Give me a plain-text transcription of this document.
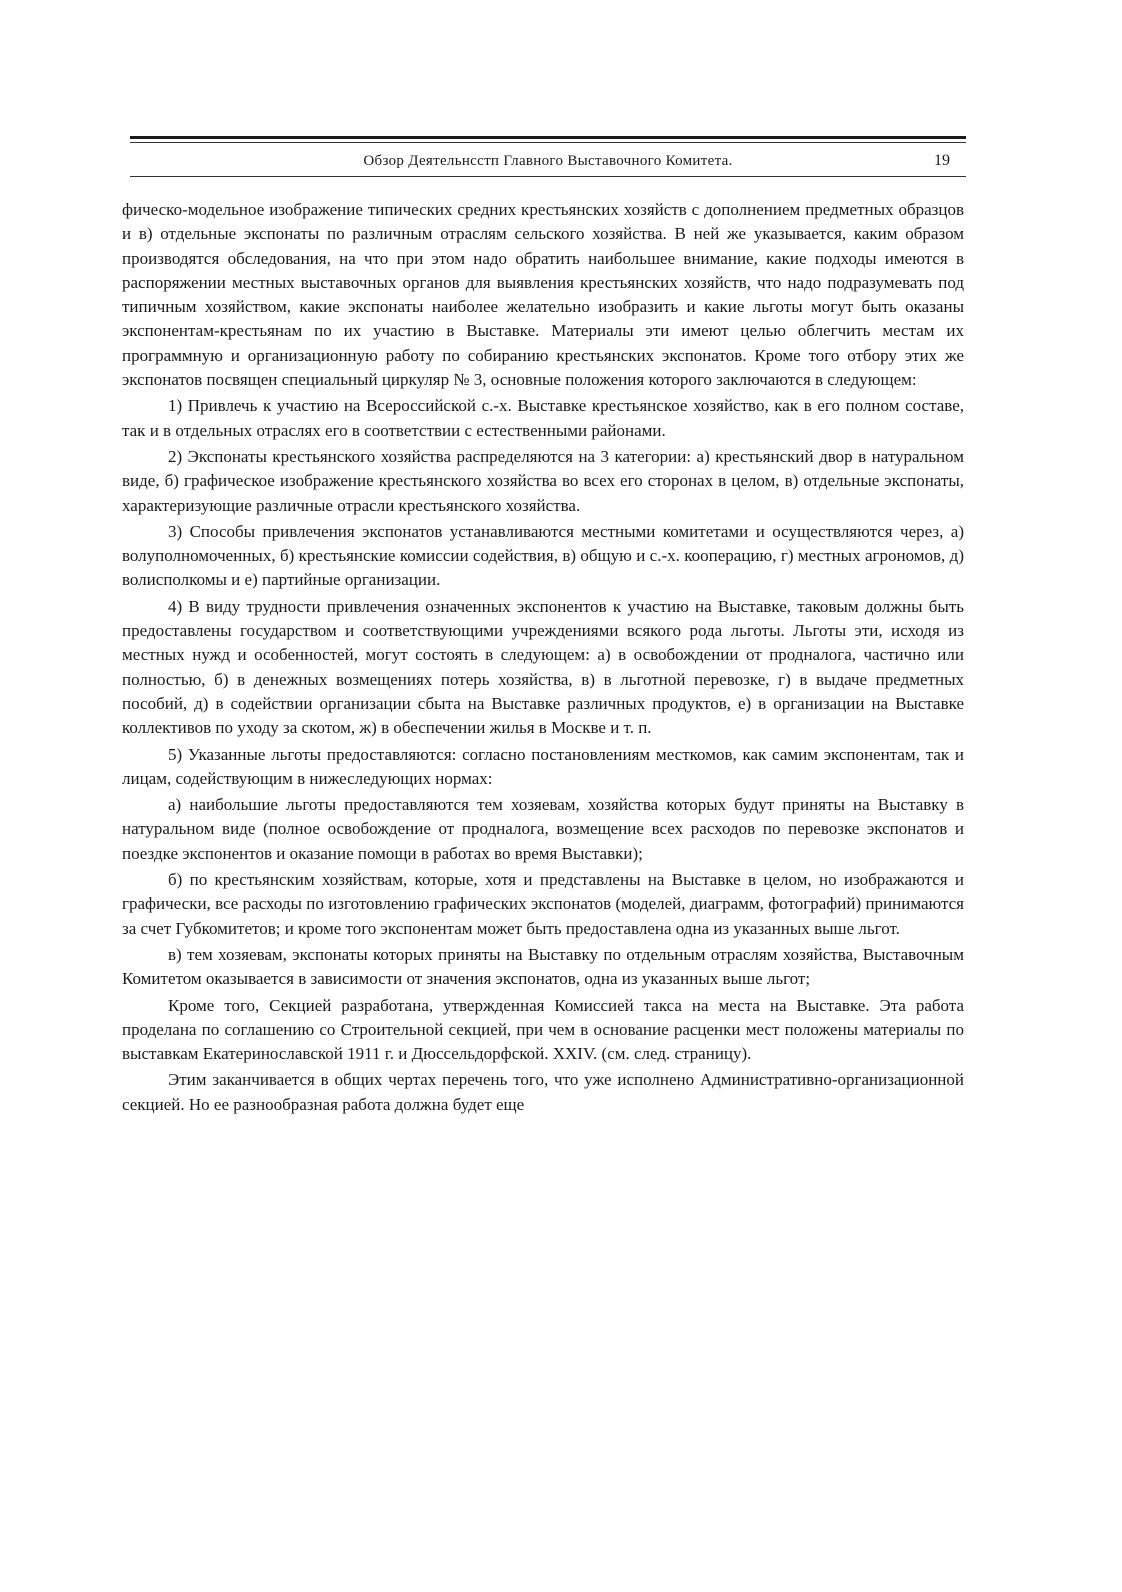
Обзор Деятельнсстп Главного Выставочного Комитета.	19

фическо-модельное изображение типических средних крестьянских хозяйств с дополнением предметных образцов и в) отдельные экспонаты по различным отраслям сельского хозяйства. В ней же указывается, каким образом производятся обследования, на что при этом надо обратить наибольшее внимание, какие подходы имеются в распоряжении местных выставочных органов для выявления крестьянских хозяйств, что надо подразумевать под типичным хозяйством, какие экспонаты наиболее желательно изобразить и какие льготы могут быть оказаны экспонентам-крестьянам по их участию в Выставке. Материалы эти имеют целью облегчить местам их программную и организационную работу по собиранию крестьянских экспонатов. Кроме того отбору этих же экспонатов посвящен специальный циркуляр № 3, основные положения которого заключаются в следующем:

1) Привлечь к участию на Всероссийской с.-х. Выставке крестьянское хозяйство, как в его полном составе, так и в отдельных отраслях его в соответствии с естественными районами.

2) Экспонаты крестьянского хозяйства распределяются на 3 категории: а) крестьянский двор в натуральном виде, б) графическое изображение крестьянского хозяйства во всех его сторонах в целом, в) отдельные экспонаты, характеризующие различные отрасли крестьянского хозяйства.

3) Способы привлечения экспонатов устанавливаются местными комитетами и осуществляются через, а) волуполномоченных, б) крестьянские комиссии содействия, в) общую и с.-х. кооперацию, г) местных агрономов, д) волисполкомы и е) партийные организации.

4) В виду трудности привлечения означенных экспонентов к участию на Выставке, таковым должны быть предоставлены государством и соответствующими учреждениями всякого рода льготы. Льготы эти, исходя из местных нужд и особенностей, могут состоять в следующем: а) в освобождении от продналога, частично или полностью, б) в денежных возмещениях потерь хозяйства, в) в льготной перевозке, г) в выдаче предметных пособий, д) в содействии организации сбыта на Выставке различных продуктов, е) в организации на Выставке коллективов по уходу за скотом, ж) в обеспечении жилья в Москве и т. п.

5) Указанные льготы предоставляются: согласно постановлениям месткомов, как самим экспонентам, так и лицам, содействующим в нижеследующих нормах:

а) наибольшие льготы предоставляются тем хозяевам, хозяйства которых будут приняты на Выставку в натуральном виде (полное освобождение от продналога, возмещение всех расходов по перевозке экспонатов и поездке экспонентов и оказание помощи в работах во время Выставки);

б) по крестьянским хозяйствам, которые, хотя и представлены на Выставке в целом, но изображаются и графически, все расходы по изготовлению графических экспонатов (моделей, диаграмм, фотографий) принимаются за счет Губкомитетов; и кроме того экспонентам может быть предоставлена одна из указанных выше льгот.

в) тем хозяевам, экспонаты которых приняты на Выставку по отдельным отраслям хозяйства, Выставочным Комитетом оказывается в зависимости от значения экспонатов, одна из указанных выше льгот;

Кроме того, Секцией разработана, утвержденная Комиссией такса на места на Выставке. Эта работа проделана по соглашению со Строительной секцией, при чем в основание расценки мест положены материалы по выставкам Екатеринославской 1911 г. и Дюссельдорфской. XXIV. (см. след. страницу).

Этим заканчивается в общих чертах перечень того, что уже исполнено Административно-организационной секцией. Но ее разнообразная работа должна будет еще
